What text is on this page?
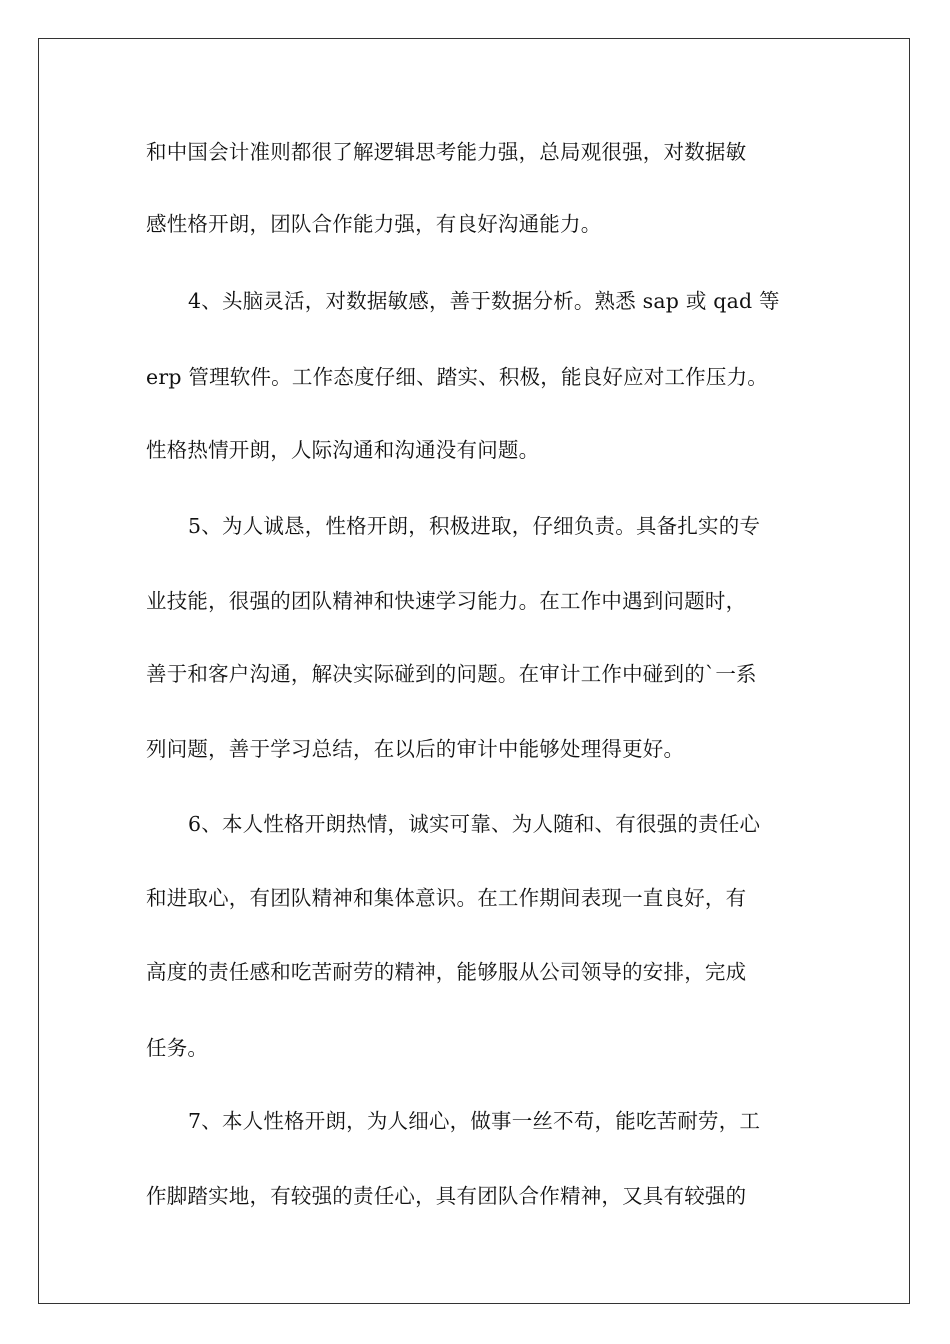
和中国会计准则都很了解逻辑思考能力强，总局观很强，对数据敏
感性格开朗，团队合作能力强，有良好沟通能力。
4、头脑灵活，对数据敏感，善于数据分析。熟悉 sap 或 qad 等
erp 管理软件。工作态度仔细、踏实、积极，能良好应对工作压力。
性格热情开朗，人际沟通和沟通没有问题。
5、为人诚恳，性格开朗，积极进取，仔细负责。具备扎实的专
业技能，很强的团队精神和快速学习能力。在工作中遇到问题时，
善于和客户沟通，解决实际碰到的问题。在审计工作中碰到的`一系
列问题，善于学习总结，在以后的审计中能够处理得更好。
6、本人性格开朗热情，诚实可靠、为人随和、有很强的责任心
和进取心，有团队精神和集体意识。在工作期间表现一直良好，有
高度的责任感和吃苦耐劳的精神，能够服从公司领导的安排，完成
任务。
7、本人性格开朗，为人细心，做事一丝不苟，能吃苦耐劳，工
作脚踏实地，有较强的责任心，具有团队合作精神，又具有较强的
